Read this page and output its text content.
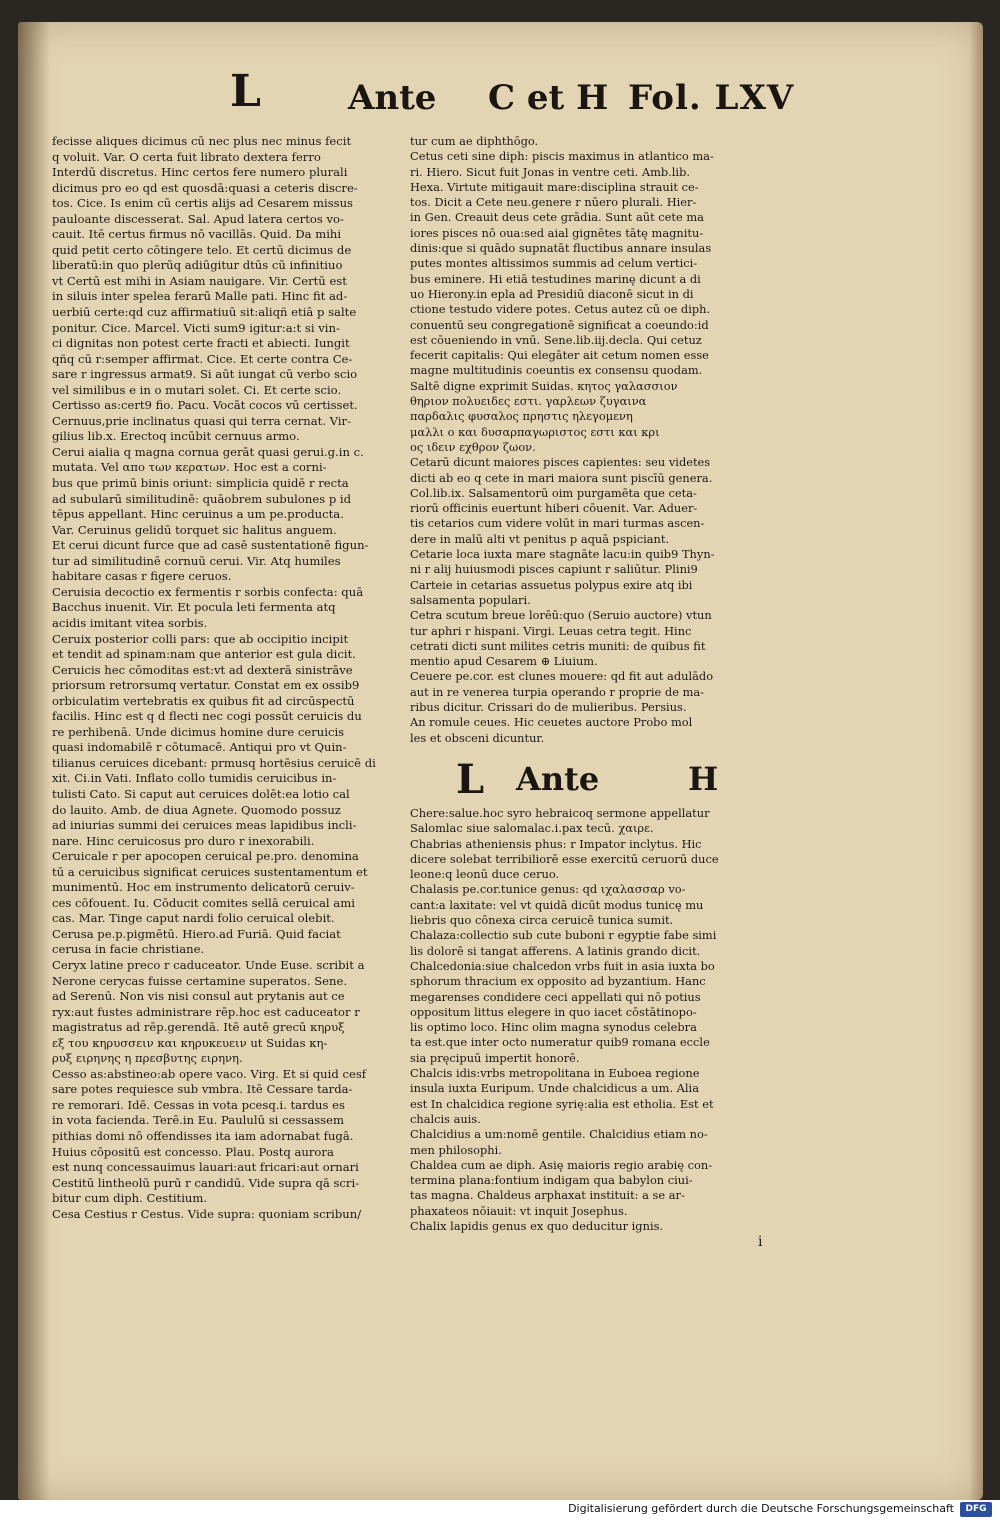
L	Ante C et H Fol. LXV

fecisse aliques dicimus cū nec plus nec minus fecit

q voluit. Var. O certa fuit librato dextera ferro

Interdū discretus. Hinc certos fere numero plurali

dicimus pro eo qd est quosdā:quasi a ceteris discre-

tos. Cice. Is enim cū certis alijs ad Cesarem missus

pauloante discesserat. Sal. Apud latera certos vo-

cauit. Itē certus firmus nō vacillās. Quid. Da mihi

quid petit certo cōtingere telo. Et certū dicimus de

liberatū:in quo plerūq adiūgitur dtūs cū infinitiuo

vt Certū est mihi in Asiam nauigare. Vir. Certū est

in siluis inter spelea ferarū Malle pati. Hinc fit ad-

uerbiū certe:qd cuz affirmatiuū sit:aliqñ etiā p salte

ponitur. Cice. Marcel. Victi sum9 igitur:a:t si vin-

ci dignitas non potest certe fracti et abiecti. Iungit

qñq cū r:semper affirmat. Cice. Et certe contra Ce-

sare r ingressus armat9. Si aūt iungat cū verbo scio

vel similibus e in o mutari solet. Ci. Et certe scio.

Certisso as:cert9 fio. Pacu. Vocāt cocos vū certisset.

Cernuus,prie inclinatus quasi qui terra cernat. Vir-

gilius lib.x. Erectoq incūbit cernuus armo.

Cerui aialia q magna cornua gerāt quasi gerui.g.in c.

mutata. Vel απο των κερατων. Hoc est a corni-

bus que primū binis oriunt: simplicia quidē r recta

ad subularū similitudinē: quāobrem subulones p id

tēpus appellant. Hinc ceruinus a um pe.producta.

Var. Ceruinus gelidū torquet sic halitus anguem.

Et cerui dicunt furce que ad casē sustentationē figun-

tur ad similitudinē cornuū cerui. Vir. Atq humiles

habitare casas r figere ceruos.

Ceruisia decoctio ex fermentis r sorbis confecta: quā

Bacchus inuenit. Vir. Et pocula leti fermenta atq

acidis imitant vitea sorbis.

Ceruix posterior colli pars: que ab occipitio incipit

et tendit ad spinam:nam que anterior est gula dicit.

Ceruicis hec cōmoditas est:vt ad dexterā sinistrāve

priorsum retrorsumq vertatur. Constat em ex ossib9

orbiculatim vertebratis ex quibus fit ad circūspectū

facilis. Hinc est q d flecti nec cogi possūt ceruicis du

re perhibenā. Unde dicimus homine dure ceruicis

quasi indomabilē r cōtumacē. Antiqui pro vt Quin-

tilianus ceruices dicebant: prmusq hortēsius ceruicē di

xit. Ci.in Vati. Inflato collo tumidis ceruicibus in-

tulisti Cato. Si caput aut ceruices dolēt:ea lotio cal

do lauito. Amb. de diua Agnete. Quomodo possuz

ad iniurias summi dei ceruices meas lapidibus incli-

nare. Hinc ceruicosus pro duro r inexorabili.

Ceruicale r per apocopen ceruical pe.pro. denomina

tū a ceruicibus significat ceruices sustentamentum et

munimentū. Hoc em instrumento delicatorū ceruiv-

ces cōfouent. Iu. Cōducit comites sellā ceruical ami

cas. Mar. Tinge caput nardi folio ceruical olebit.

Cerusa pe.p.pigmētū. Hiero.ad Furiā. Quid faciat

cerusa in facie christiane.

Ceryx latine preco r caduceator. Unde Euse. scribit a

Nerone cerycas fuisse certamine superatos. Sene.

ad Serenū. Non vis nisi consul aut prytanis aut ce

ryx:aut fustes administrare rēp.hoc est caduceator r

magistratus ad rēp.gerendā. Itē autē grecū κηρυξ

εξ του κηρυσσειν και κηρυκευειν ut Suidas κη-

ρυξ ειρηνης η πρεσβυτης ειρηνη.

Cesso as:abstineo:ab opere vaco. Virg. Et si quid cesf

sare potes requiesce sub vmbra. Itē Cessare tarda-

re remorari. Idē. Cessas in vota pcesq.i. tardus es

in vota facienda. Terē.in Eu. Paululū si cessassem

pithias domi nō offendisses ita iam adornabat fugā.

Huius cōpositū est concesso. Plau. Postq aurora

est nunq concessauimus lauari:aut fricari:aut ornari

Cestitū lintheolū purū r candidū. Vide supra qā scri-

bitur cum diph. Cestitium.

Cesa Cestius r Cestus. Vide supra: quoniam scribun/

tur cum ae diphthōgo.

Cetus ceti sine diph: piscis maximus in atlantico ma-

ri. Hiero. Sicut fuit Jonas in ventre ceti. Amb.lib.

Hexa. Virtute mitigauit mare:disciplina strauit ce-

tos. Dicit a Cete neu.genere r nūero plurali. Hier-

in Gen. Creauit deus cete grādia. Sunt aūt cete ma

iores pisces nō oua:sed aial gignētes tātę magnitu-

dinis:que si quādo supnatāt fluctibus annare insulas

putes montes altissimos summis ad celum vertici-

bus eminere. Hi etiā testudines marinę dicunt a di

uo Hierony.in epla ad Presidiū diaconē sicut in di

ctione testudo videre potes. Cetus autez cū oe diph.

conuentū seu congregationē significat a coeundo:id

est cōueniendo in vnū. Sene.lib.iij.decla. Qui cetuz

fecerit capitalis: Qui elegāter ait cetum nomen esse

magne multitudinis coeuntis ex consensu quodam.

Saltē digne exprimit Suidas. κητος γαλασσιον

θηριον πολυειδες εστι. γαρλεων ζυγαινα

παρδαλις φυσαλος πρηστις ηλεγομενη

μαλλι ο και δυσαρπαγωριστος εστι και κρι

ος ιδειν εχθρον ζωον.

Cetarū dicunt maiores pisces capientes: seu videtes

dicti ab eo q cete in mari maiora sunt piscīū genera.

Col.lib.ix. Salsamentorū oim purgamēta que ceta-

riorū officinis euertunt hiberi cōuenit. Var. Aduer-

tis cetarios cum videre volūt in mari turmas ascen-

dere in malū alti vt penitus p aquā pspiciant.

Cetarie loca iuxta mare stagnāte lacu:in quib9 Thyn-

ni r alij huiusmodi pisces capiunt r saliūtur. Plini9

Carteie in cetarias assuetus polypus exire atq ibi

salsamenta populari.

Cetra scutum breue lorēū:quo (Seruio auctore) vtun

tur aphri r hispani. Virgi. Leuas cetra tegit. Hinc

cetrati dicti sunt milites cetris muniti: de quibus fit

mentio apud Cesarem ⊕ Liuium.

Ceuere pe.cor. est clunes mouere: qd fit aut adulādo

aut in re venerea turpia operando r proprie de ma-

ribus dicitur. Crissari do de mulieribus. Persius.

An romule ceues. Hic ceuetes auctore Probo mol

les et obsceni dicuntur.

L Ante	H

Chere:salue.hoc syro hebraicoq sermone appellatur

Salomlac siue salomalac.i.pax tecū. χαιρε.

Chabrias atheniensis phus: r Impator inclytus. Hic

dicere solebat terribiliorē esse exercitū ceruorū duce

leone:q leonū duce ceruo.

Chalasis pe.cor.tunice genus: qd ιχαλασσαρ vo-

cant:a laxitate: vel vt quidā dicūt modus tunicę mu

liebris quo cōnexa circa ceruicē tunica sumit.

Chalaza:collectio sub cute buboni r egyptie fabe simi

lis dolorē si tangat afferens. A latinis grando dicit.

Chalcedonia:siue chalcedon vrbs fuit in asia iuxta bo

sphorum thracium ex opposito ad byzantium. Hanc

megarenses condidere ceci appellati qui nō potius

oppositum littus elegere in quo iacet cōstātinopo-

lis optimo loco. Hinc olim magna synodus celebra

ta est.que inter octo numeratur quib9 romana eccle

sia pręcipuū impertit honorē.

Chalcis idis:vrbs metropolitana in Euboea regione

insula iuxta Euripum. Unde chalcidicus a um. Alia

est In chalcidica regione syrię:alia est etholia. Est et

chalcis auis.

Chalcidius a um:nomē gentile. Chalcidius etiam no-

men philosophi.

Chaldea cum ae diph. Asię maioris regio arabię con-

termina plana:fontium indigam qua babylon ciui-

tas magna. Chaldeus arphaxat instituit: a se ar-

phaxateos nōiauit: vt inquit Josephus.

Chalix lapidis genus ex quo deducitur ignis.

i
Digitalisierung gefördert durch die Deutsche Forschungsgemeinschaft	DFG
